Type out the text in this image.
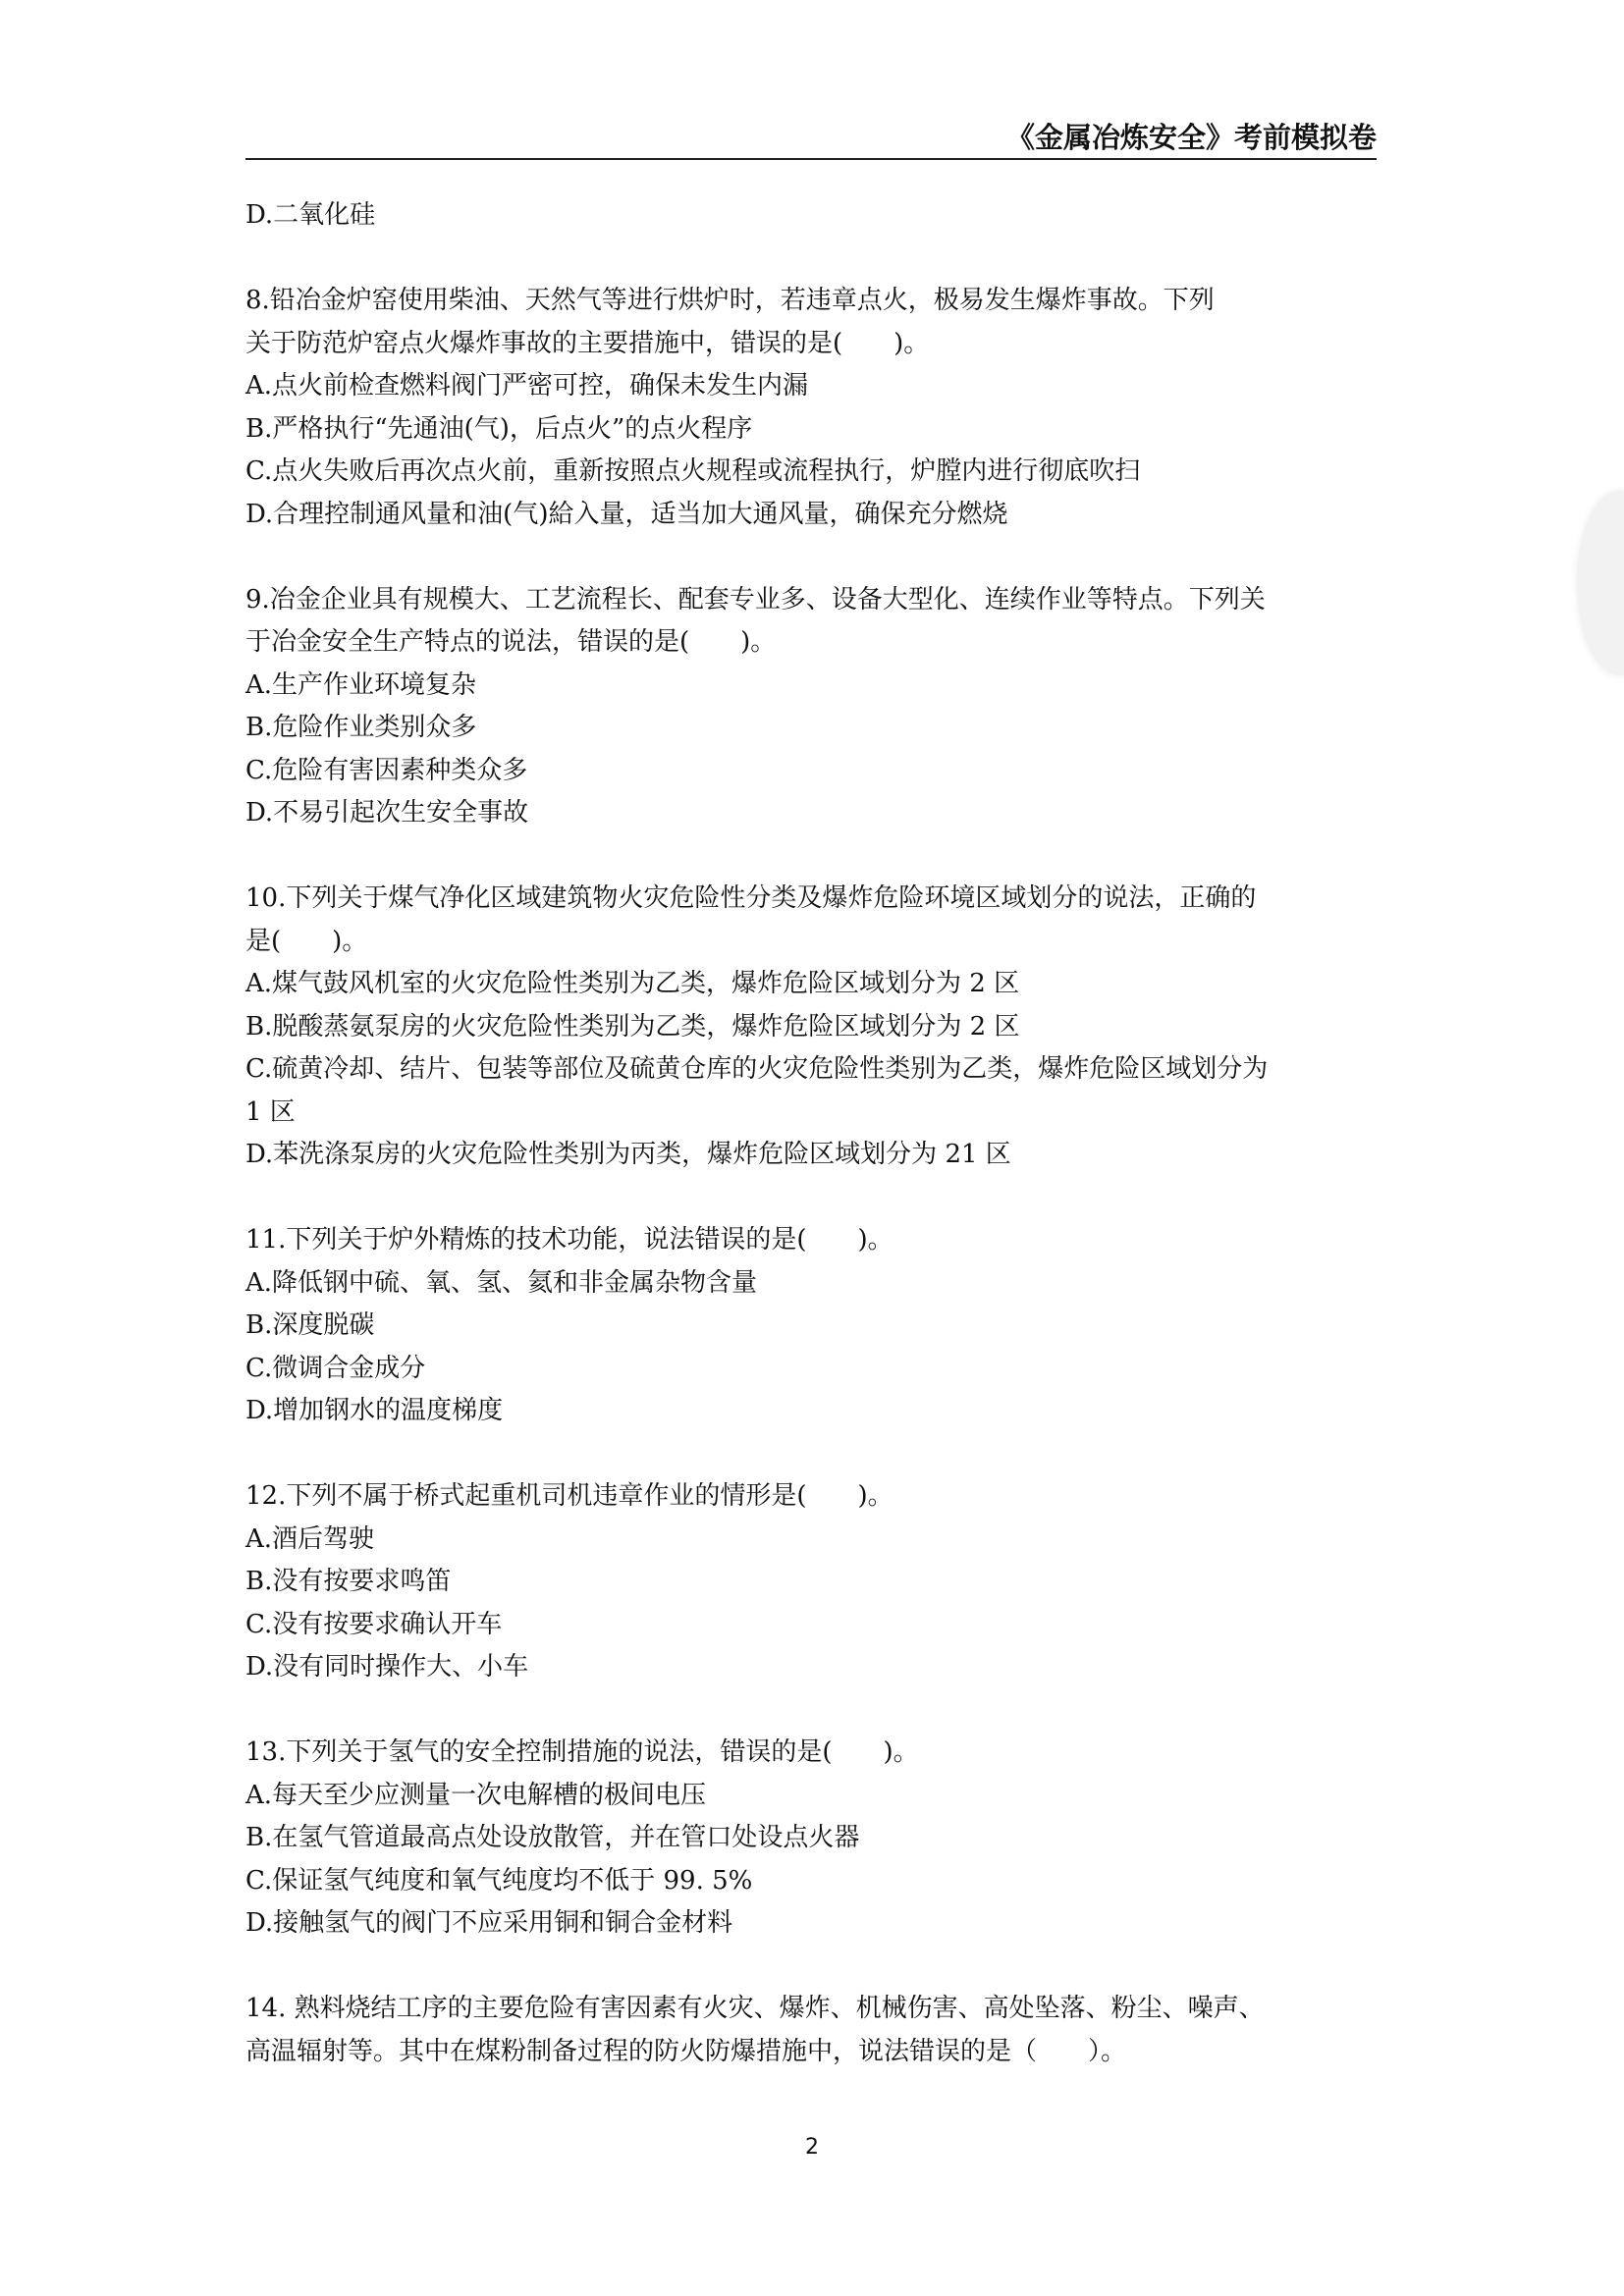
《金属冶炼安全》考前模拟卷
D.二氧化硅
8.铅冶金炉窑使用柴油、天然气等进行烘炉时，若违章点火，极易发生爆炸事故。下列
关于防范炉窑点火爆炸事故的主要措施中，错误的是(　　)。
A.点火前检查燃料阀门严密可控，确保未发生内漏
B.严格执行“先通油(气)，后点火”的点火程序
C.点火失败后再次点火前，重新按照点火规程或流程执行，炉膛内进行彻底吹扫
D.合理控制通风量和油(气)給入量，适当加大通风量，确保充分燃烧
9.冶金企业具有规模大、工艺流程长、配套专业多、设备大型化、连续作业等特点。下列关
于冶金安全生产特点的说法，错误的是(　　)。
A.生产作业环境复杂
B.危险作业类别众多
C.危险有害因素种类众多
D.不易引起次生安全事故
10.下列关于煤气净化区域建筑物火灾危险性分类及爆炸危险环境区域划分的说法，正确的
是(　　)。
A.煤气鼓风机室的火灾危险性类别为乙类，爆炸危险区域划分为 2 区
B.脱酸蒸氨泵房的火灾危险性类别为乙类，爆炸危险区域划分为 2 区
C.硫黄冷却、结片、包装等部位及硫黄仓库的火灾危险性类别为乙类，爆炸危险区域划分为
1 区
D.苯洗涤泵房的火灾危险性类别为丙类，爆炸危险区域划分为 21 区
11.下列关于炉外精炼的技术功能，说法错误的是(　　)。
A.降低钢中硫、氧、氢、氦和非金属杂物含量
B.深度脱碳
C.微调合金成分
D.增加钢水的温度梯度
12.下列不属于桥式起重机司机违章作业的情形是(　　)。
A.酒后驾驶
B.没有按要求鸣笛
C.没有按要求确认开车
D.没有同时操作大、小车
13.下列关于氢气的安全控制措施的说法，错误的是(　　)。
A.每天至少应测量一次电解槽的极间电压
B.在氢气管道最高点处设放散管，并在管口处设点火器
C.保证氢气纯度和氧气纯度均不低于 99. 5%
D.接触氢气的阀门不应采用铜和铜合金材料
14. 熟料烧结工序的主要危险有害因素有火灾、爆炸、机械伤害、高处坠落、粉尘、噪声、
高温辐射等。其中在煤粉制备过程的防火防爆措施中，说法错误的是（　　）。
2
